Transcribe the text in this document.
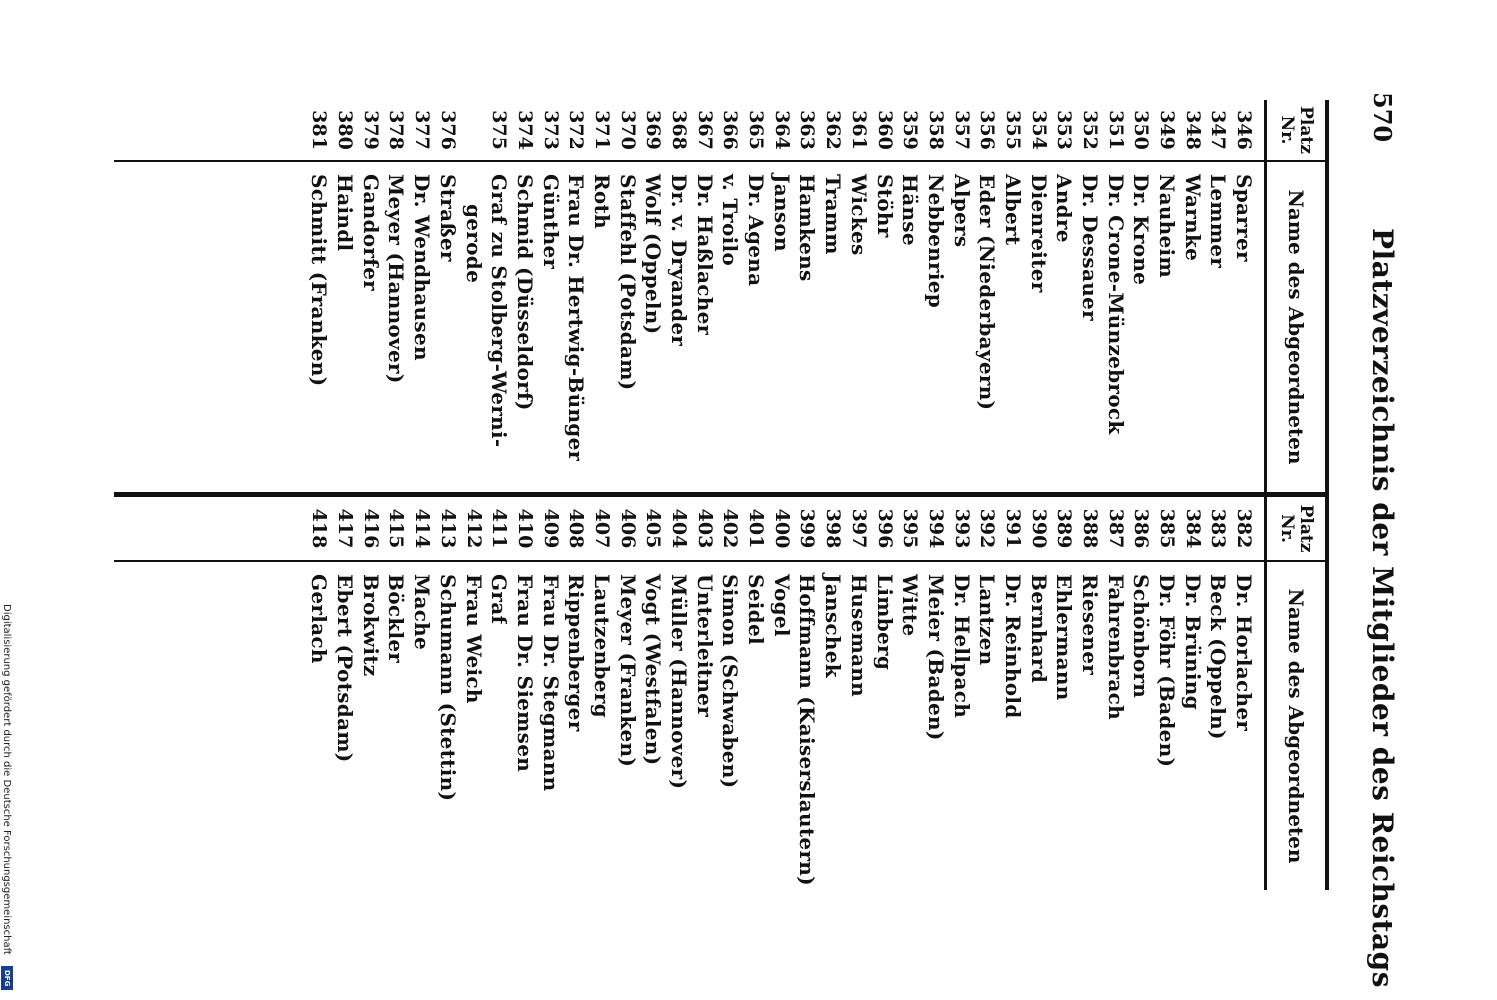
Digitalisierung gefördert durch die Deutsche Forschungsgemeinschaft
DFG
570
Platzverzeichnis der Mitglieder des Reichstags
Platz
Nr.
Name des Abgeordneten
Platz
Nr.
Name des Abgeordneten
346
Sparrer
347
Lemmer
348
Warnke
349
Nauheim
350
Dr. Krone
351
Dr. Crone-Münzebrock
352
Dr. Dessauer
353
Andre
354
Dienreiter
355
Albert
356
Eder (Niederbayern)
357
Alpers
358
Nebbenriep
359
Hänse
360
Stöhr
361
Wickes
362
Tramm
363
Hamkens
364
Janson
365
Dr. Agena
366
v. Troilo
367
Dr. Haßlacher
368
Dr. v. Dryander
369
Wolf (Oppeln)
370
Staffehl (Potsdam)
371
Roth
372
Frau Dr. Hertwig-Bünger
373
Günther
374
Schmid (Düsseldorf)
375
Graf zu Stolberg-Werni-
gerode
376
Straßer
377
Dr. Wendhausen
378
Meyer (Hannover)
379
Gandorfer
380
Haindl
381
Schmitt (Franken)
382
Dr. Horlacher
383
Beck (Oppeln)
384
Dr. Brüning
385
Dr. Föhr (Baden)
386
Schönborn
387
Fahrenbrach
388
Riesener
389
Ehlermann
390
Bernhard
391
Dr. Reinhold
392
Lantzen
393
Dr. Hellpach
394
Meier (Baden)
395
Witte
396
Limberg
397
Husemann
398
Janschek
399
Hoffmann (Kaiserslautern)
400
Vogel
401
Seidel
402
Simon (Schwaben)
403
Unterleitner
404
Müller (Hannover)
405
Vogt (Westfalen)
406
Meyer (Franken)
407
Lautzenberg
408
Rippenberger
409
Frau Dr. Stegmann
410
Frau Dr. Siemsen
411
Graf
412
Frau Weich
413
Schumann (Stettin)
414
Mache
415
Böckler
416
Brokwitz
417
Ebert (Potsdam)
418
Gerlach
